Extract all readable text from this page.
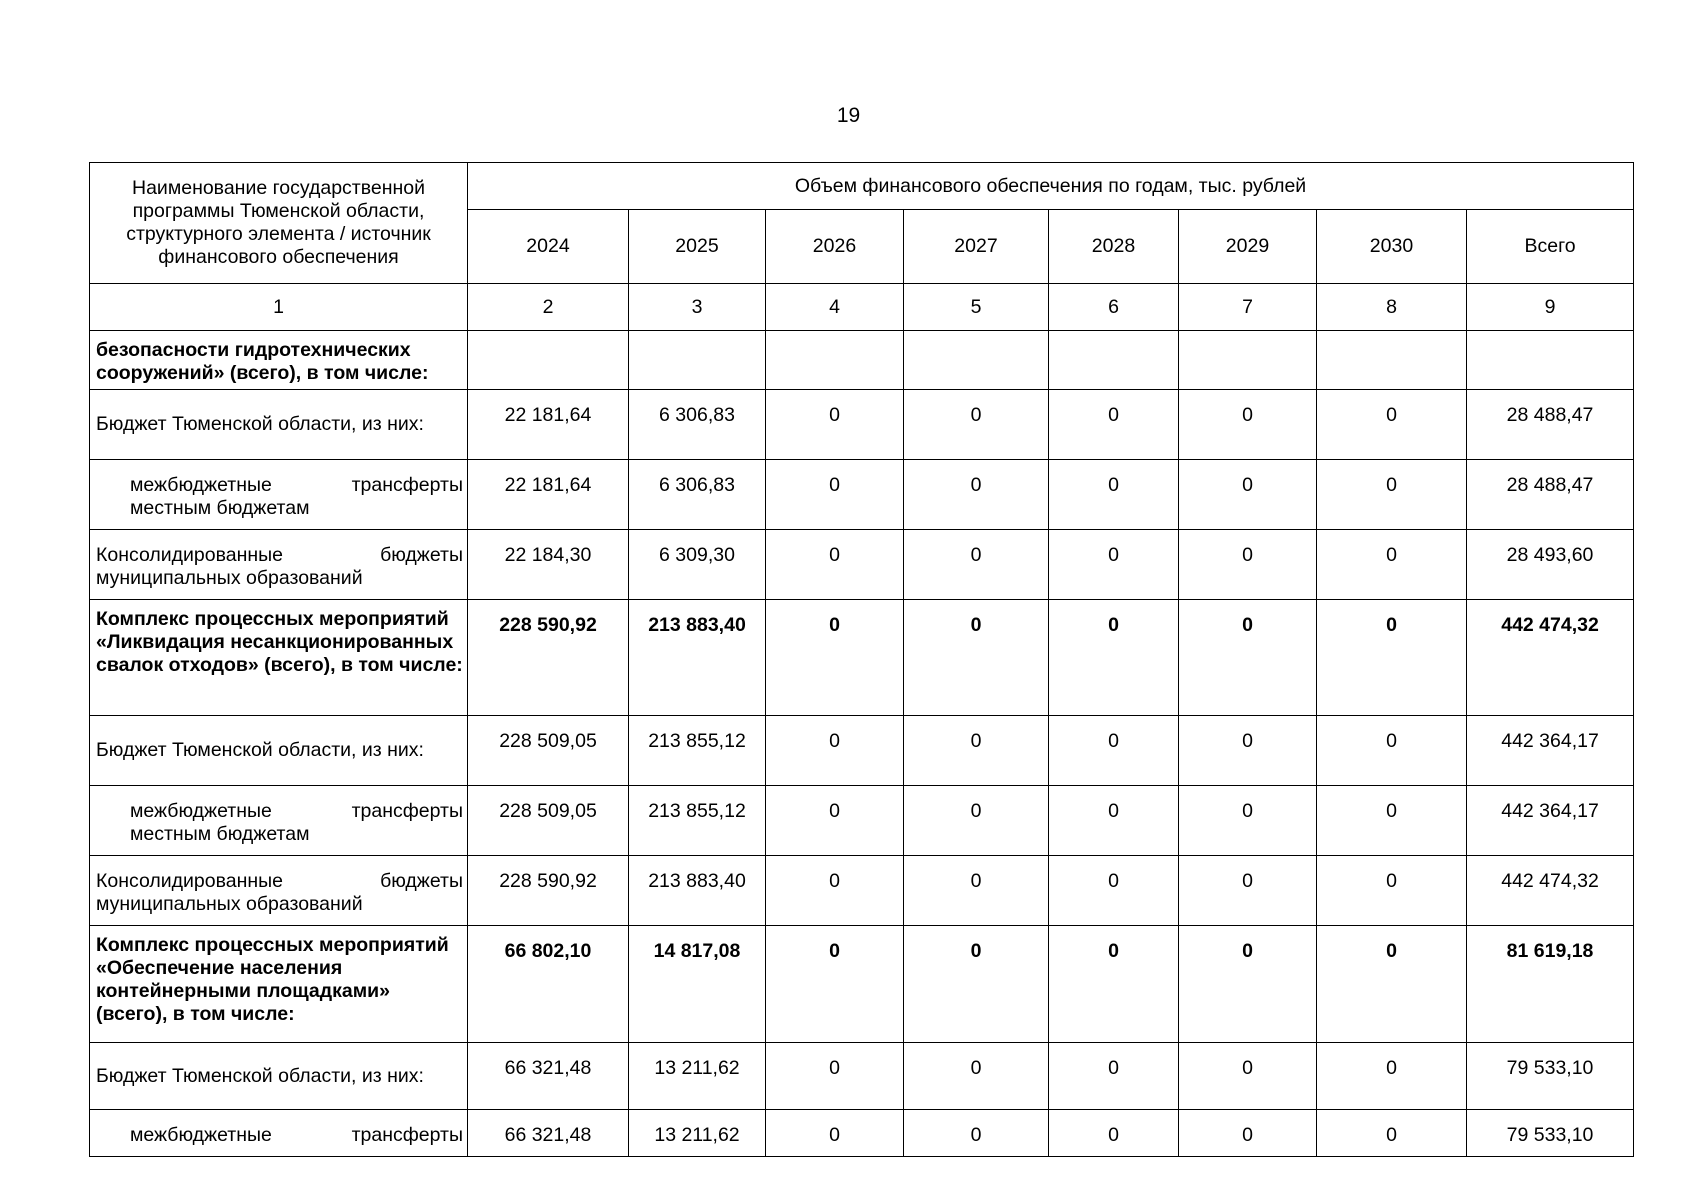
19
Наименование государственной программы Тюменской области, структурного элемента / источник финансового обеспечения	Объем финансового обеспечения по годам, тыс. рублей							
	2024	2025	2026	2027	2028	2029	2030	Всего
1	2	3	4	5	6	7	8	9
безопасности гидротехнических сооружений» (всего), в том числе:								
Бюджет Тюменской области, из них:	22 181,64	6 306,83	0	0	0	0	0	28 488,47

межбюджетные трансферты
местным бюджетам	22 181,64	6 306,83	0	0	0	0	0	28 488,47

Консолидированные бюджеты
муниципальных образований	22 184,30	6 309,30	0	0	0	0	0	28 493,60
Комплекс процессных мероприятий «Ликвидация несанкционированных свалок отходов» (всего), в том числе:	228 590,92	213 883,40	0	0	0	0	0	442 474,32
Бюджет Тюменской области, из них:	228 509,05	213 855,12	0	0	0	0	0	442 364,17

межбюджетные трансферты
местным бюджетам	228 509,05	213 855,12	0	0	0	0	0	442 364,17

Консолидированные бюджеты
муниципальных образований	228 590,92	213 883,40	0	0	0	0	0	442 474,32
Комплекс процессных мероприятий «Обеспечение населения контейнерными площадками» (всего), в том числе:	66 802,10	14 817,08	0	0	0	0	0	81 619,18
Бюджет Тюменской области, из них:	66 321,48	13 211,62	0	0	0	0	0	79 533,10

межбюджетные трансферты	66 321,48	13 211,62	0	0	0	0	0	79 533,10
